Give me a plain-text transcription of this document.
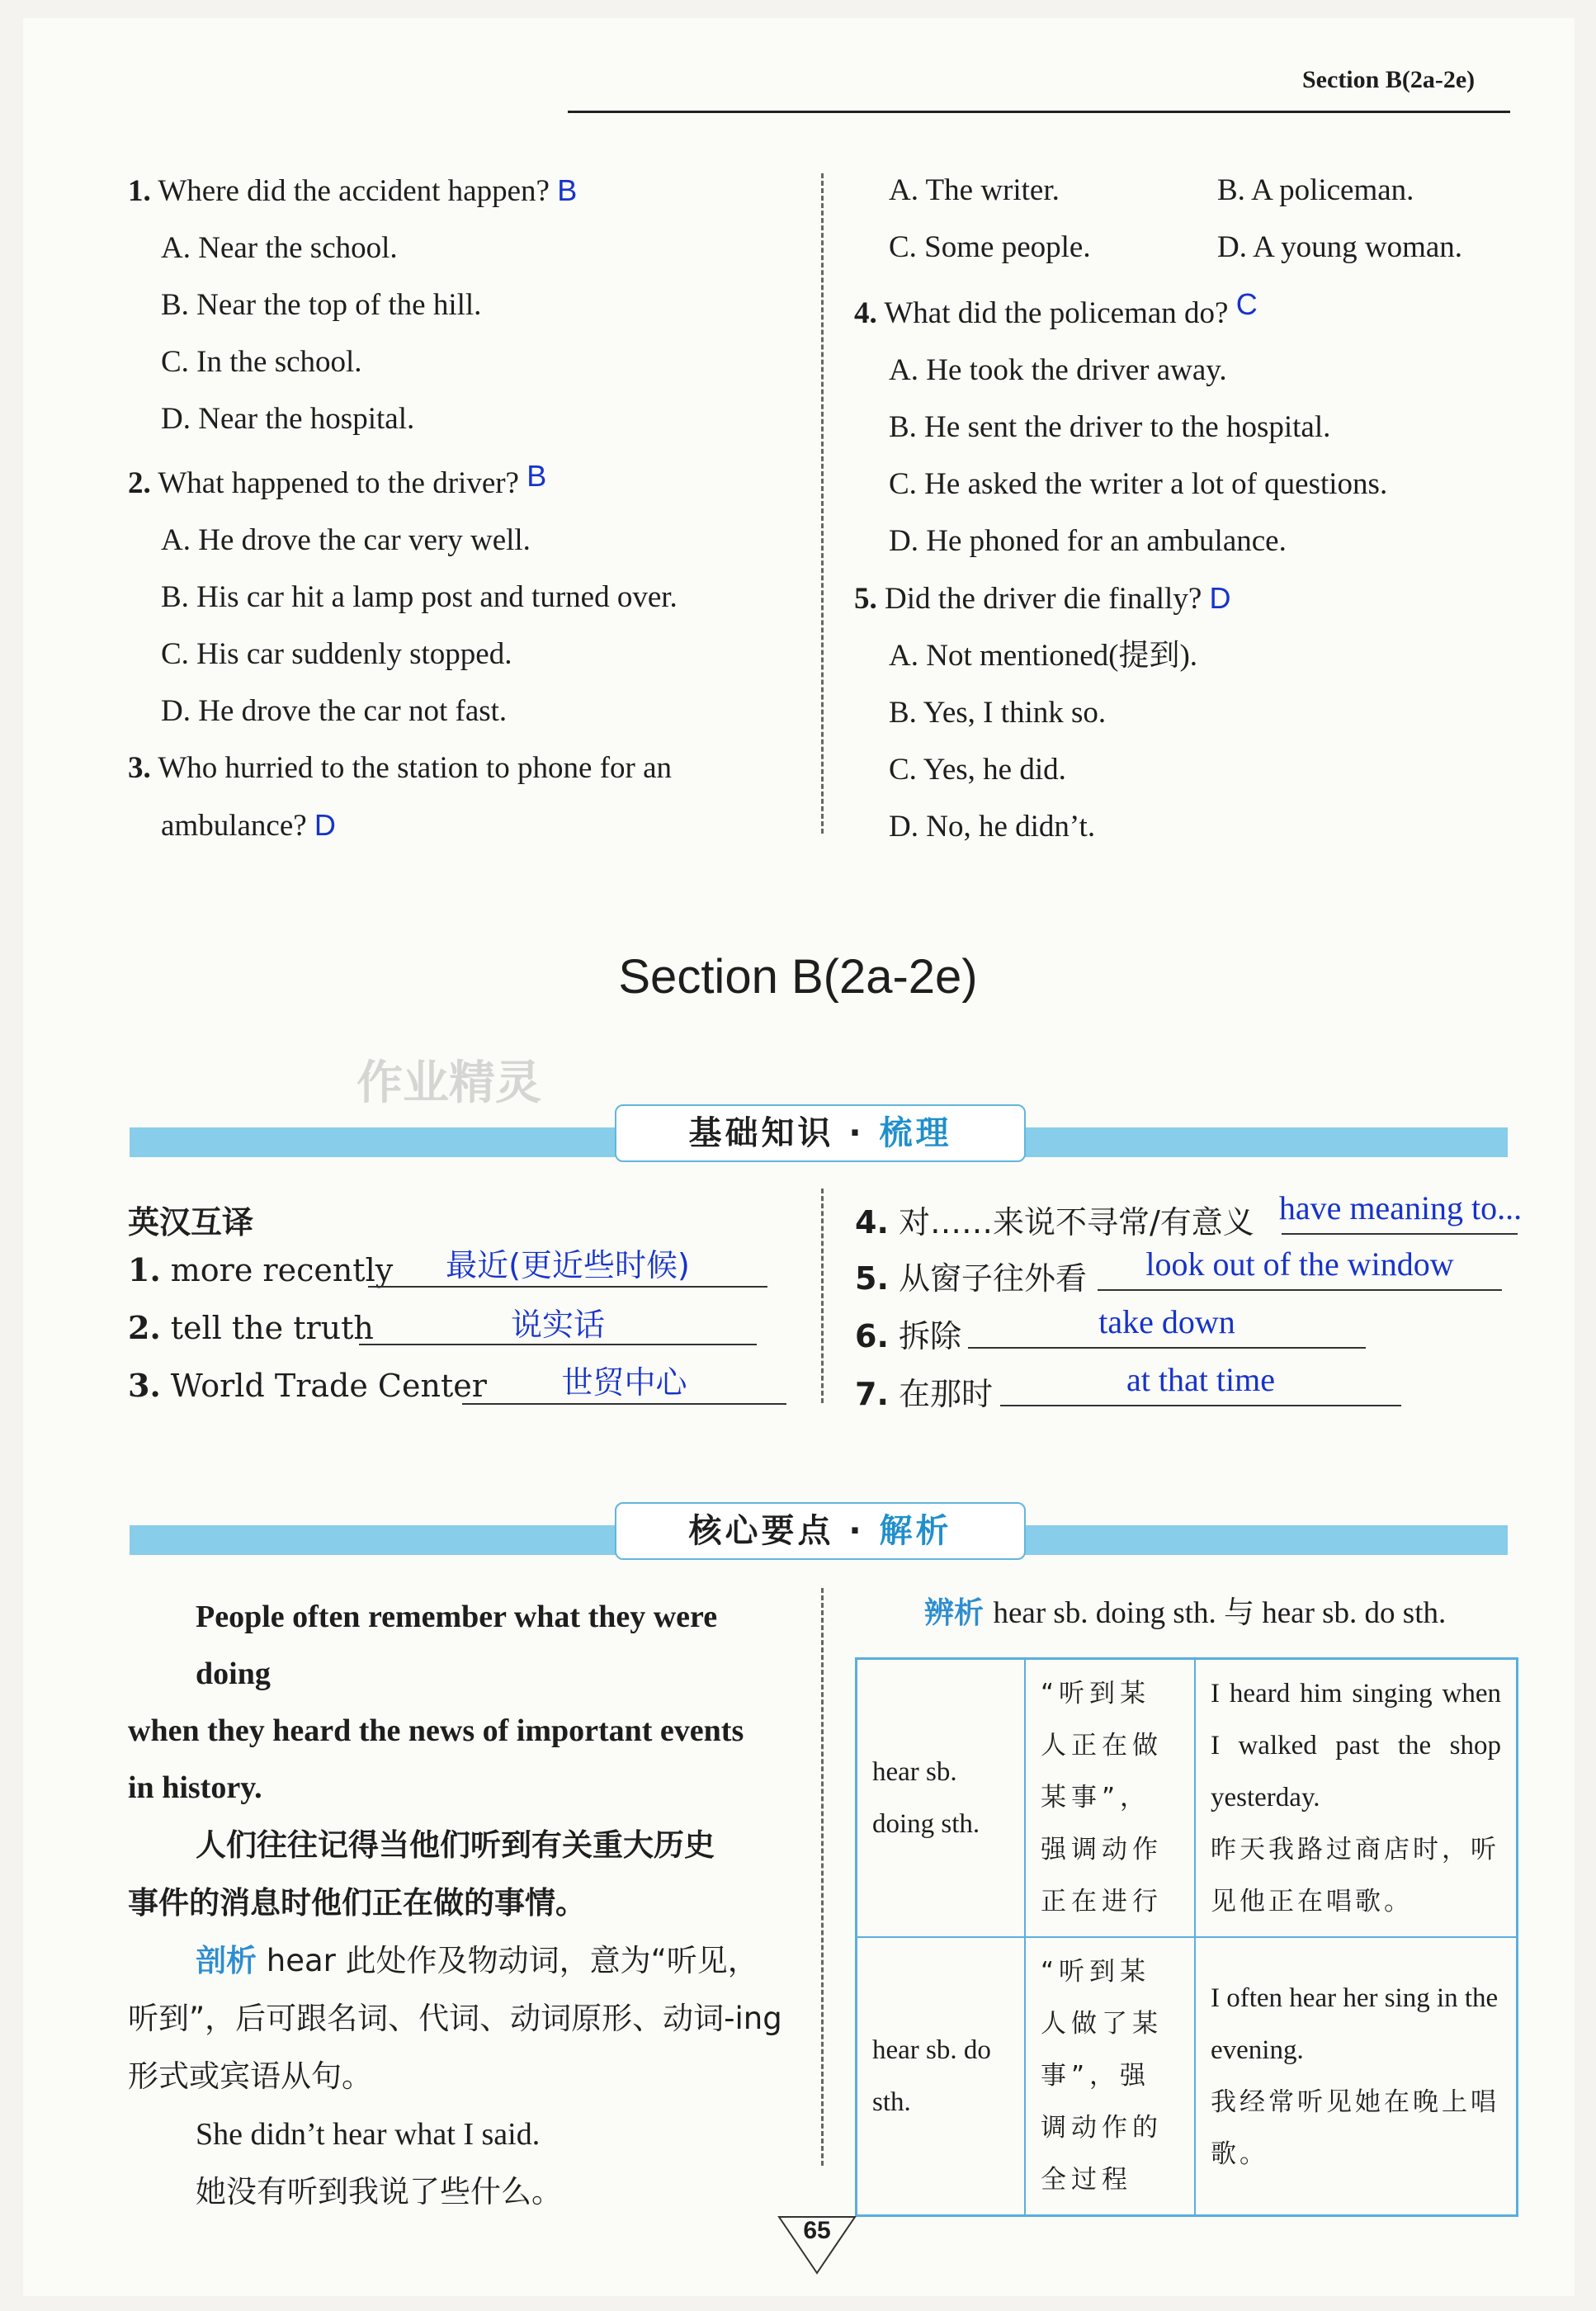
Section B(2a-2e)
1. Where did the accident happen? B
A. Near the school.
B. Near the top of the hill.
C. In the school.
D. Near the hospital.
2. What happened to the driver? B
A. He drove the car very well.
B. His car hit a lamp post and turned over.
C. His car suddenly stopped.
D. He drove the car not fast.
3. Who hurried to the station to phone for an
ambulance? D
A. The writer.	B. A policeman.
C. Some people.	D. A young woman.
4. What did the policeman do? C
A. He took the driver away.
B. He sent the driver to the hospital.
C. He asked the writer a lot of questions.
D. He phoned for an ambulance.
5. Did the driver die finally? D
A. Not mentioned(提到).
B. Yes, I think so.
C. Yes, he did.
D. No, he didn’t.
Section B(2a-2e)
作业精灵
基础知识 · 梳理
英汉互译
1. more recently	最近(更近些时候)
2. tell the truth	说实话
3. World Trade Center	世贸中心
4. 对……来说不寻常/有意义 have meaning to...
5. 从窗子往外看	look out of the window
6. 拆除	take down
7. 在那时	at that time
核心要点 · 解析
People often remember what they were doing
when they heard the news of important events
in history.
人们往往记得当他们听到有关重大历史
事件的消息时他们正在做的事情。
剖析 hear 此处作及物动词，意为“听见，
听到”，后可跟名词、代词、动词原形、动词-ing
形式或宾语从句。
She didn’t hear what I said.
她没有听到我说了些什么。
辨析 hear sb. doing sth. 与 hear sb. do sth.
hear sb. doing sth.	“听到某人正在做某事”，强调动作正在进行	I heard him singing when I walked past the shop yesterday.
昨天我路过商店时，听见他正在唱歌。

hear sb. do sth.	“听到某人做了某事”，强调动作的全过程	I often hear her sing in the evening.
我经常听见她在晚上唱歌。
65
